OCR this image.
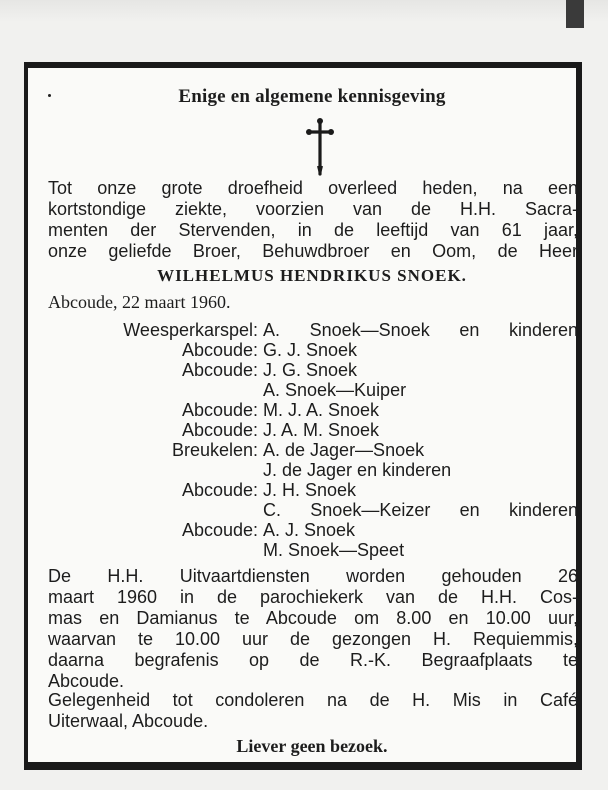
Enige en algemene kennisgeving
Tot onze grote droefheid overleed heden, na een
kortstondige ziekte, voorzien van de H.H. Sacra-
menten der Stervenden, in de leeftijd van 61 jaar,
onze geliefde Broer, Behuwdbroer en Oom, de Heer
WILHELMUS HENDRIKUS SNOEK.
Abcoude, 22 maart 1960.
Weesperkarspel: A. Snoek—Snoek en kinderen
Abcoude: G. J. Snoek
Abcoude: J. G. Snoek
A. Snoek—Kuiper
Abcoude: M. J. A. Snoek
Abcoude: J. A. M. Snoek
Breukelen: A. de Jager—Snoek
J. de Jager en kinderen
Abcoude: J. H. Snoek
C. Snoek—Keizer en kinderen
Abcoude: A. J. Snoek
M. Snoek—Speet
De H.H. Uitvaartdiensten worden gehouden 26
maart 1960 in de parochiekerk van de H.H. Cos-
mas en Damianus te Abcoude om 8.00 en 10.00 uur,
waarvan te 10.00 uur de gezongen H. Requiemmis,
daarna begrafenis op de R.-K. Begraafplaats te
Abcoude.
Gelegenheid tot condoleren na de H. Mis in Café
Uiterwaal, Abcoude.
Liever geen bezoek.
